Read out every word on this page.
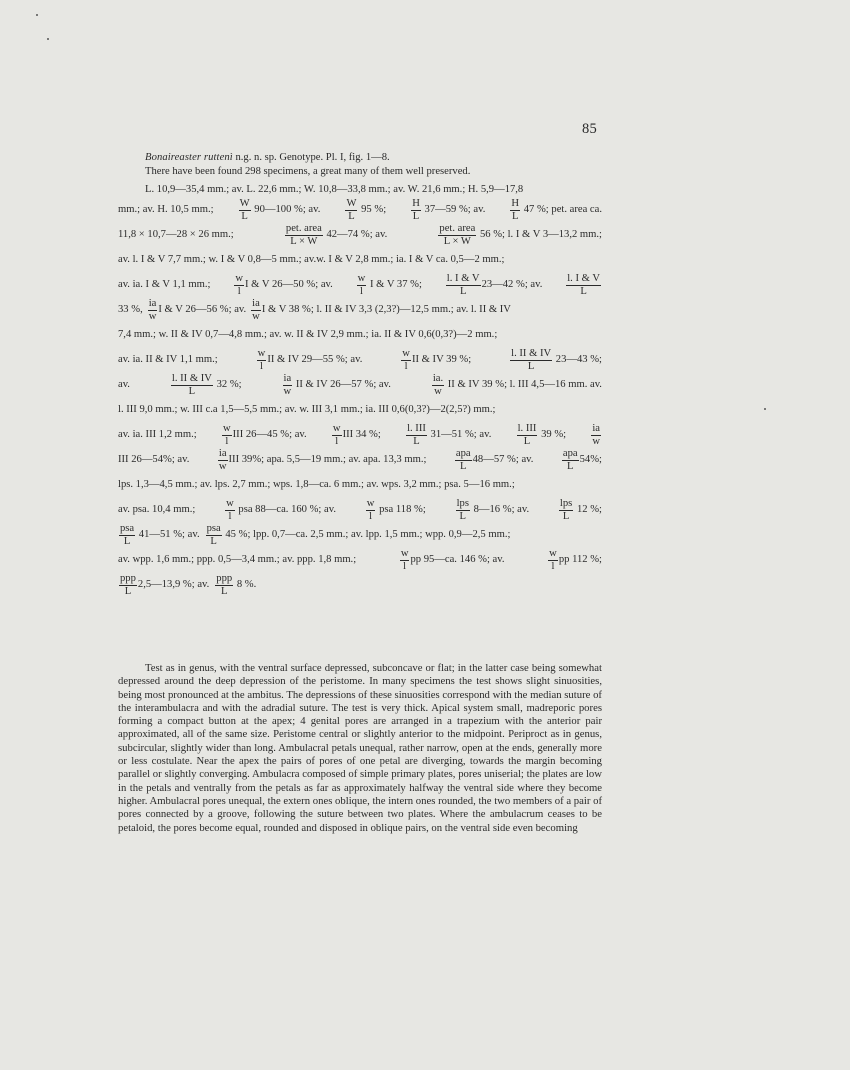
85

Bonaireaster ruttenì n.g. n. sp. Genotype. Pl. I, fig. 1—8.

There have been found 298 specimens, a great many of them well preserved.

L. 10,9—35,4 mm.; av. L. 22,6 mm.; W. 10,8—33,8 mm.; av. W. 21,6 mm.; H. 5,9—17,8
mm.; av. H. 10,5 mm.; $\frac{W}{L}$ 90—100 %; av. $\frac{W}{L} 95$ %; $\frac{H}{L}$ 37—59 %; av. $\frac{H}{L} 47$ %; pet. area ca.
11,8 × 10,7—28 × 26 mm.;	$\frac{\text{pet. area}}{L \times W}$ 42—74 %; av.	$\frac{\text{pet. area}}{L \times W} 56$ %; l. I & V 3—13,2 mm.;
av. l. I & V 7,7 mm.; w. I & V 0,8—5 mm.; av.w. I & V 2,8 mm.; ia. I & V ca. 0,5—2 mm.;
av. ia. I & V 1,1 mm.; $\frac{w}{l}$ I & V 26—50 %; av. $\frac{w}{l}$ I & V 37 %; $\frac{l. I \& V}{L}$ 23—42 %; av. $\frac{l. I \& V}{L}$
33 %, $\frac{ia}{w}$ I & V 26—56 %; av. $\frac{ia}{w}$ I & V 38 %; l. II & IV 3,3 (2,3?)—12,5 mm.; av. l. II & IV
7,4 mm.; w. II & IV 0,7—4,8 mm.; av. w. II & IV 2,9 mm.; ia. II & IV 0,6(0,3?)—2 mm.;
av. ia. II & IV 1,1 mm.;	$\frac{w}{l}$ II & IV 29—55 %; av.	$\frac{w}{l}$ II & IV 39 %;	$\frac{l. II \& IV}{L}$ 23—43 %;
av.	$\frac{l. II \& IV}{L} 32$ %;	$\frac{ia}{w}$ II & IV 26—57 %; av.	$\frac{ia.}{w}$ II & IV 39 %; l. III 4,5—16 mm. av.
l. III 9,0 mm.; w. III c.a 1,5—5,5 mm.; av. w. III 3,1 mm.; ia. III 0,6(0,3?)—2(2,5?) mm.;
av. ia. III 1,2 mm.; $\frac{w}{l}$ III 26—45 %; av. $\frac{w}{l}$ III 34 %; $\frac{\text{l. III}}{L}$ 31—51 %; av. $\frac{\text{l. III}}{L} 39$ %; $\frac{ia}{w}$
III 26—54%; av.	$\frac{ia}{w}$ III 39%; apa. 5,5—19 mm.; av. apa. 13,3 mm.;	$\frac{\text{apa}}{L}$ 48—57 %; av.	$\frac{\text{apa}}{L} 54\%$;
lps. 1,3—4,5 mm.; av. lps. 2,7 mm.; wps. 1,8—ca. 6 mm.; av. wps. 3,2 mm.; psa. 5—16 mm.;
av. psa. 10,4 mm.;	$\frac{w}{l}$ psa 88—ca. 160 %; av.	$\frac{w}{l}$ psa 118 %;	$\frac{\text{lps}}{L}$ 8—16 %; av.	$\frac{\text{lps}}{L} 12$ %;
$\frac{\text{psa}}{L}$ 41—51 %; av. $\frac{\text{psa}}{L} 45$ %; lpp. 0,7—ca. 2,5 mm.; av. lpp. 1,5 mm.; wpp. 0,9—2,5 mm.;
av. wpp. 1,6 mm.; ppp. 0,5—3,4 mm.; av. ppp. 1,8 mm.;	$\frac{w}{l}$ pp 95—ca. 146 %; av.	$\frac{w}{l}$ pp 112 %;
$\frac{\text{ppp}}{L}$ 2,5—13,9 %; av. $\frac{\text{ppp}}{L} 8$ %.

Test as in genus, with the ventral surface depressed, subconcave or flat; in the latter case being somewhat depressed around the deep depression of the peristome. In many specimens the test shows slight sinuosities, being most pronounced at the ambitus. The depressions of these sinuosities correspond with the median suture of the interambulacra and with the adradial suture. The test is very thick. Apical system small, madreporic pores forming a compact button at the apex; 4 genital pores are arranged in a trapezium with the anterior pair approximated, all of the same size. Peristome central or slightly anterior to the midpoint. Periproct as in genus, subcircular, slightly wider than long. Ambulacral petals unequal, rather narrow, open at the ends, generally more or less costulate. Near the apex the pairs of pores of one petal are diverging, towards the margin becoming parallel or slightly converging. Ambulacra composed of simple primary plates, pores uniserial; the plates are low in the petals and ventrally from the petals as far as approximately halfway the ventral side where they become higher. Ambulacral pores unequal, the extern ones oblique, the intern ones rounded, the two members of a pair of pores connected by a groove, following the suture between two plates. Where the ambulacrum ceases to be petaloid, the pores become equal, rounded and disposed in oblique pairs, on the ventral side even becoming
